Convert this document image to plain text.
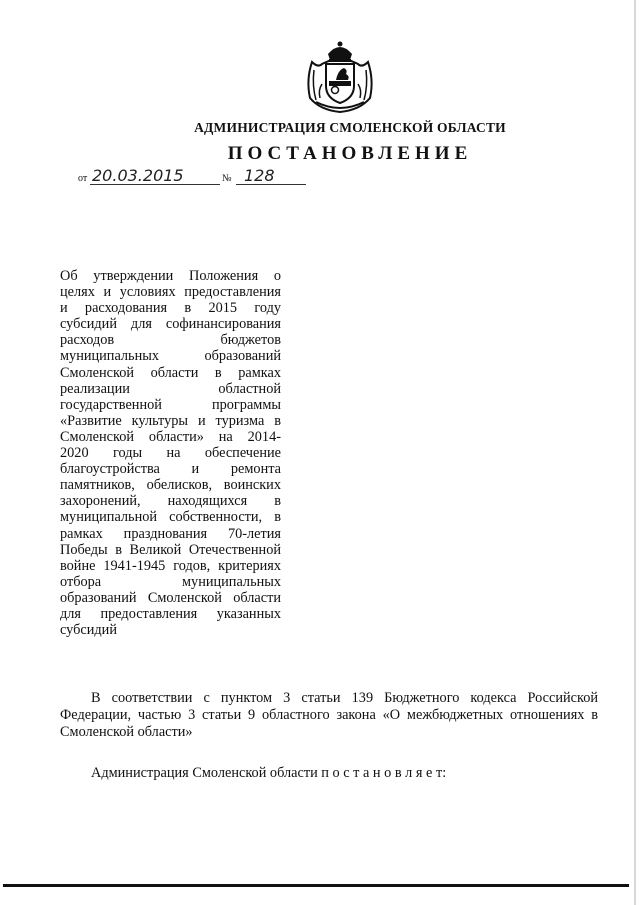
АДМИНИСТРАЦИЯ СМОЛЕНСКОЙ ОБЛАСТИ
ПОСТАНОВЛЕНИЕ
от 20.03.2015	№ 128
Об утверждении Положения о
целях и условиях предоставления
и расходования в 2015 году
субсидий для софинансирования
расходов бюджетов
муниципальных образований
Смоленской области в рамках
реализации областной
государственной программы
«Развитие культуры и туризма в
Смоленской области» на 2014-
2020 годы на обеспечение
благоустройства и ремонта
памятников, обелисков, воинских
захоронений, находящихся в
муниципальной собственности, в
рамках празднования 70-летия
Победы в Великой Отечественной
войне 1941-1945 годов, критериях
отбора муниципальных
образований Смоленской области
для предоставления указанных
субсидий
В соответствии с пунктом 3 статьи 139 Бюджетного кодекса Российской Федерации, частью 3 статьи 9 областного закона «О межбюджетных отношениях в Смоленской области»
Администрация Смоленской области п о с т а н о в л я е т:
